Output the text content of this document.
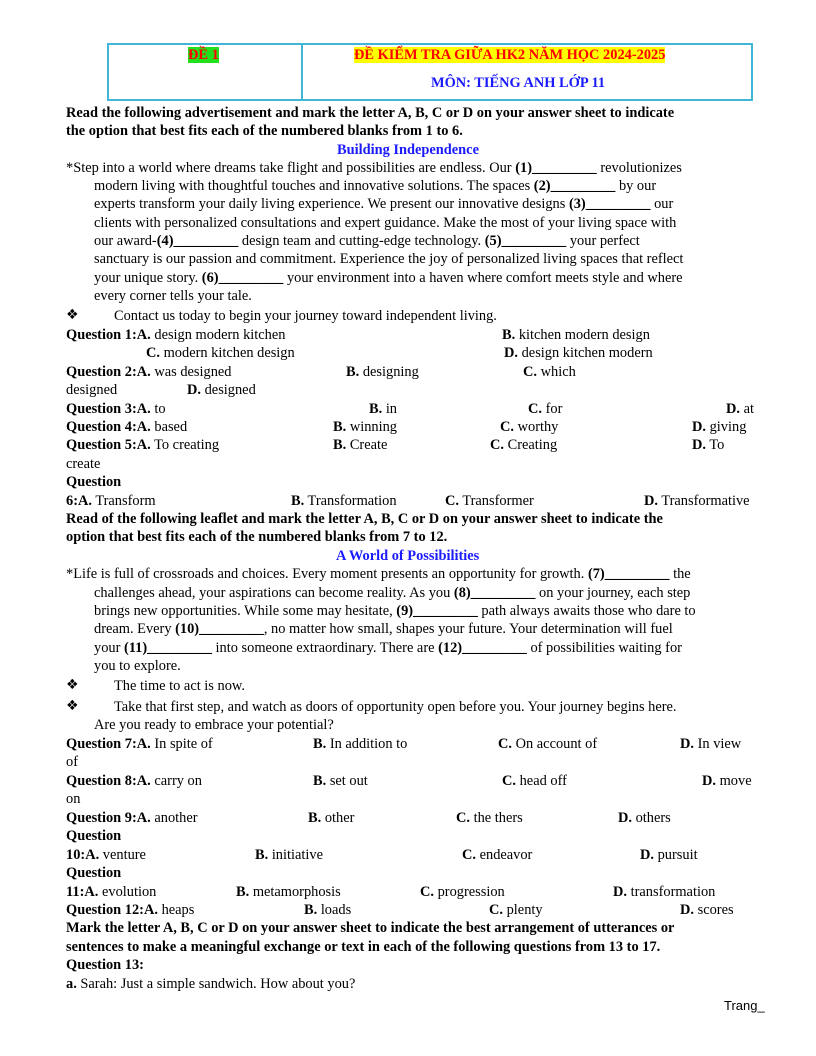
ĐỀ 1	ĐỀ KIỂM TRA GIỮA HK2 NĂM HỌC 2024-2025
MÔN: TIẾNG ANH LỚP 11
Read the following advertisement and mark the letter A, B, C or D on your answer sheet to indicate
the option that best fits each of the numbered blanks from 1 to 6.
Building Independence
*Step into a world where dreams take flight and possibilities are endless. Our (1)_________ revolutionizes
modern living with thoughtful touches and innovative solutions. The spaces (2)_________ by our
experts transform your daily living experience. We present our innovative designs (3)_________ our
clients with personalized consultations and expert guidance. Make the most of your living space with
our award-(4)_________ design team and cutting-edge technology. (5)_________ your perfect
sanctuary is our passion and commitment. Experience the joy of personalized living spaces that reflect
your unique story. (6)_________ your environment into a haven where comfort meets style and where
every corner tells your tale.
❖ Contact us today to begin your journey toward independent living.
Question 1:A. design modern kitchen	B. kitchen modern design
C. modern kitchen design	D. design kitchen modern
Question 2:A. was designed	B. designing	C. which
designed	D. designed
Question 3:A. to	B. in	C. for	D. at
Question 4:A. based	B. winning	C. worthy	D. giving
Question 5:A. To creating	B. Create	C. Creating	D. To
create
Question
6:A. Transform	B. Transformation	C. Transformer	D. Transformative
Read of the following leaflet and mark the letter A, B, C or D on your answer sheet to indicate the
option that best fits each of the numbered blanks from 7 to 12.
A World of Possibilities
*Life is full of crossroads and choices. Every moment presents an opportunity for growth. (7)_________ the
challenges ahead, your aspirations can become reality. As you (8)_________ on your journey, each step
brings new opportunities. While some may hesitate, (9)_________ path always awaits those who dare to
dream. Every (10)_________, no matter how small, shapes your future. Your determination will fuel
your (11)_________ into someone extraordinary. There are (12)_________ of possibilities waiting for
you to explore.
❖ The time to act is now.
❖ Take that first step, and watch as doors of opportunity open before you. Your journey begins here.
Are you ready to embrace your potential?
Question 7:A. In spite of	B. In addition to	C. On account of	D. In view
of
Question 8:A. carry on	B. set out	C. head off	D. move
on
Question 9:A. another	B. other	C. the thers	D. others
Question
10:A. venture	B. initiative	C. endeavor	D. pursuit
Question
11:A. evolution	B. metamorphosis	C. progression	D. transformation
Question 12:A. heaps	B. loads	C. plenty	D. scores
Mark the letter A, B, C or D on your answer sheet to indicate the best arrangement of utterances or
sentences to make a meaningful exchange or text in each of the following questions from 13 to 17.
Question 13:
a. Sarah: Just a simple sandwich. How about you?
Trang_
